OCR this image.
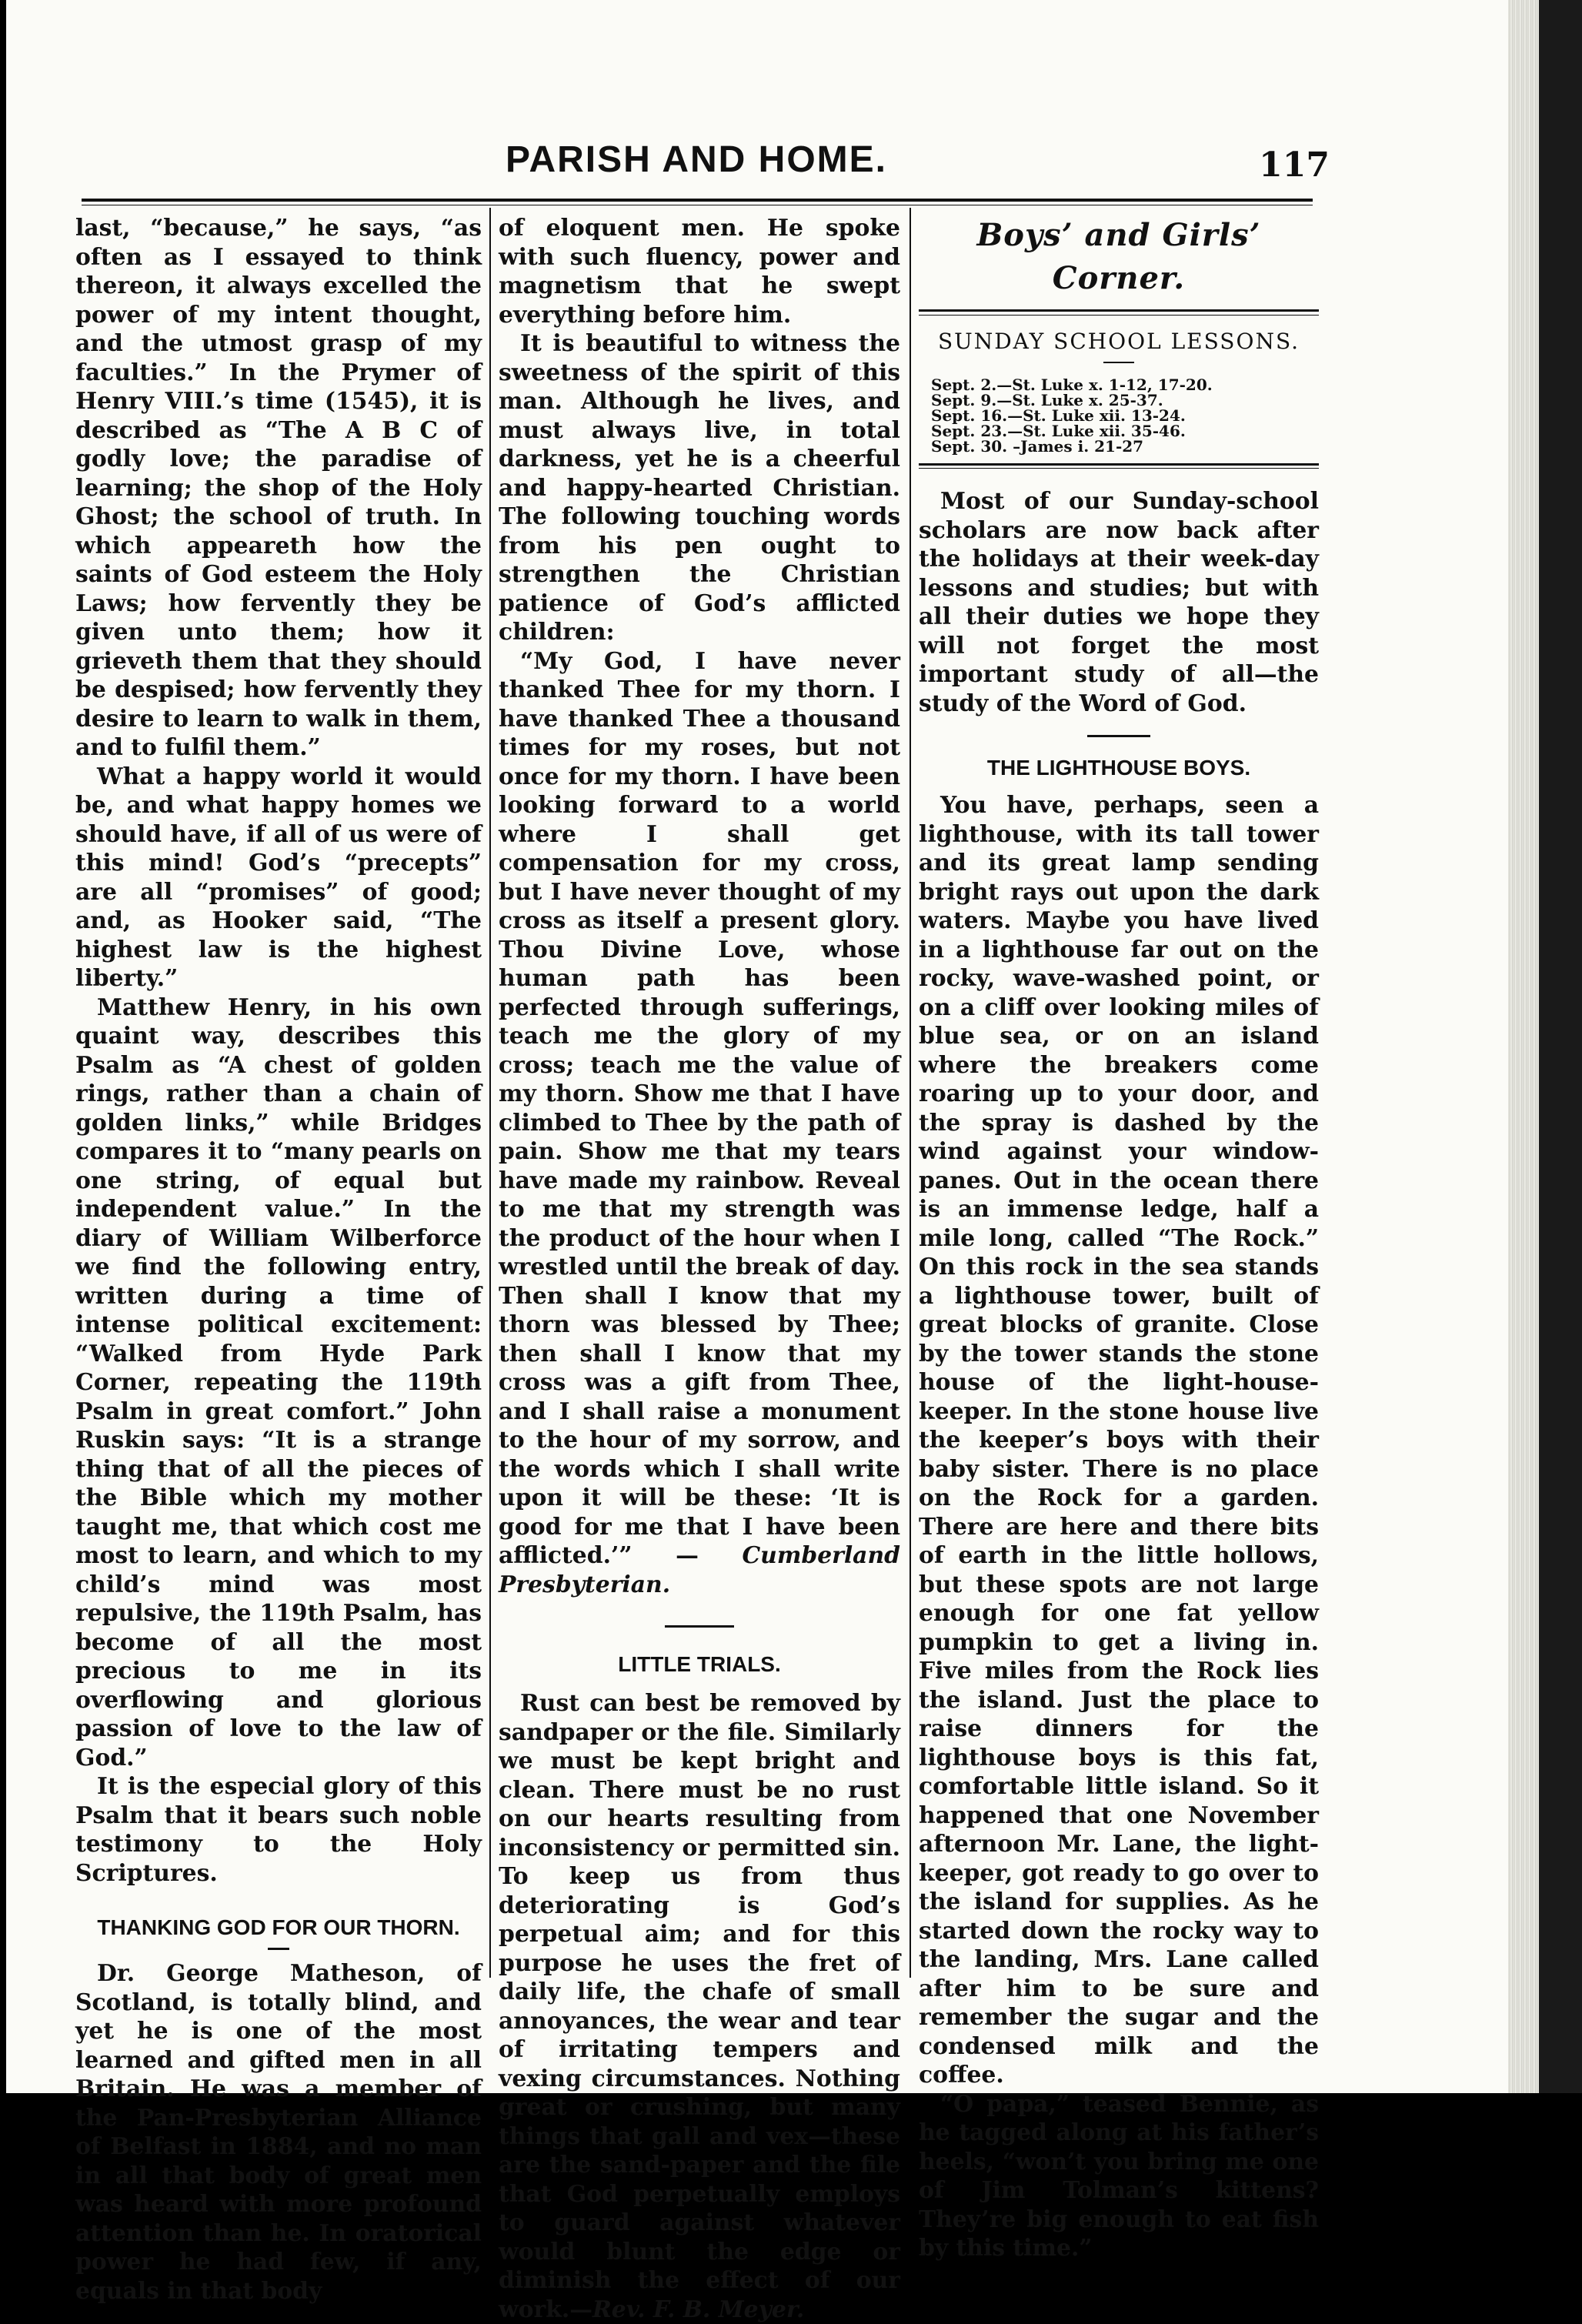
PARISH AND HOME.	117

last, “because,” he says, “as often as I essayed to think thereon, it always excelled the power of my intent thought, and the utmost grasp of my faculties.” In the Prymer of Henry VIII.’s time (1545), it is described as “The A B C of godly love; the paradise of learning; the shop of the Holy Ghost; the school of truth. In which appeareth how the saints of God esteem the Holy Laws; how fervently they be given unto them; how it grieveth them that they should be despised; how fervently they desire to learn to walk in them, and to fulfil them.”

What a happy world it would be, and what happy homes we should have, if all of us were of this mind! God’s “precepts” are all “promises” of good; and, as Hooker said, “The highest law is the highest liberty.”

Matthew Henry, in his own quaint way, describes this Psalm as “A chest of golden rings, rather than a chain of golden links,” while Bridges compares it to “many pearls on one string, of equal but independent value.” In the diary of William Wilberforce we find the following entry, written during a time of intense political excitement: “Walked from Hyde Park Corner, repeating the 119th Psalm in great comfort.” John Ruskin says: “It is a strange thing that of all the pieces of the Bible which my mother taught me, that which cost me most to learn, and which to my child’s mind was most repulsive, the 119th Psalm, has become of all the most precious to me in its overflowing and glorious passion of love to the law of God.”

It is the especial glory of this Psalm that it bears such noble testimony to the Holy Scriptures.

THANKING GOD FOR OUR THORN.

Dr. George Matheson, of Scotland, is totally blind, and yet he is one of the most learned and gifted men in all Britain. He was a member of the Pan-Presbyterian Alliance of Belfast in 1884, and no man in all that body of great men was heard with more profound attention than he. In oratorical power he had few, if any, equals in that body

of eloquent men. He spoke with such fluency, power and magnetism that he swept everything before him.

It is beautiful to witness the sweetness of the spirit of this man. Although he lives, and must always live, in total darkness, yet he is a cheerful and happy-hearted Christian. The following touching words from his pen ought to strengthen the Christian patience of God’s afflicted children:

“My God, I have never thanked Thee for my thorn. I have thanked Thee a thousand times for my roses, but not once for my thorn. I have been looking forward to a world where I shall get compensation for my cross, but I have never thought of my cross as itself a present glory. Thou Divine Love, whose human path has been perfected through sufferings, teach me the glory of my cross; teach me the value of my thorn. Show me that I have climbed to Thee by the path of pain. Show me that my tears have made my rainbow. Reveal to me that my strength was the product of the hour when I wrestled until the break of day. Then shall I know that my thorn was blessed by Thee; then shall I know that my cross was a gift from Thee, and I shall raise a monument to the hour of my sorrow, and the words which I shall write upon it will be these: ‘It is good for me that I have been afflicted.’” — Cumberland Presbyterian.

LITTLE TRIALS.

Rust can best be removed by sandpaper or the file. Similarly we must be kept bright and clean. There must be no rust on our hearts resulting from inconsistency or permitted sin. To keep us from thus deteriorating is God’s perpetual aim; and for this purpose he uses the fret of daily life, the chafe of small annoyances, the wear and tear of irritating tempers and vexing circumstances. Nothing great or crushing, but many things that gall and vex—these are the sand-paper and the file that God perpetually employs to guard against whatever would blunt the edge or diminish the effect of our work.—Rev. F. B. Meyer.

Boys’ and Girls’ Corner.
SUNDAY SCHOOL LESSONS.
Sept. 2.—St. Luke x. 1-12, 17-20.
Sept. 9.—St. Luke x. 25-37.
Sept. 16.—St. Luke xii. 13-24.
Sept. 23.—St. Luke xii. 35-46.
Sept. 30. –James i. 21-27

Most of our Sunday-school scholars are now back after the holidays at their week-day lessons and studies; but with all their duties we hope they will not forget the most important study of all—the study of the Word of God.

THE LIGHTHOUSE BOYS.

You have, perhaps, seen a lighthouse, with its tall tower and its great lamp sending bright rays out upon the dark waters. Maybe you have lived in a lighthouse far out on the rocky, wave-washed point, or on a cliff over looking miles of blue sea, or on an island where the breakers come roaring up to your door, and the spray is dashed by the wind against your window-panes. Out in the ocean there is an immense ledge, half a mile long, called “The Rock.” On this rock in the sea stands a lighthouse tower, built of great blocks of granite. Close by the tower stands the stone house of the light-house-keeper. In the stone house live the keeper’s boys with their baby sister. There is no place on the Rock for a garden. There are here and there bits of earth in the little hollows, but these spots are not large enough for one fat yellow pumpkin to get a living in. Five miles from the Rock lies the island. Just the place to raise dinners for the lighthouse boys is this fat, comfortable little island. So it happened that one November afternoon Mr. Lane, the light-keeper, got ready to go over to the island for supplies. As he started down the rocky way to the landing, Mrs. Lane called after him to be sure and remember the sugar and the condensed milk and the coffee.

“O papa,” teased Bennie, as he tagged along at his father’s heels, “won’t you bring me one of Jim Tolman’s kittens? They’re big enough to eat fish by this time.”
